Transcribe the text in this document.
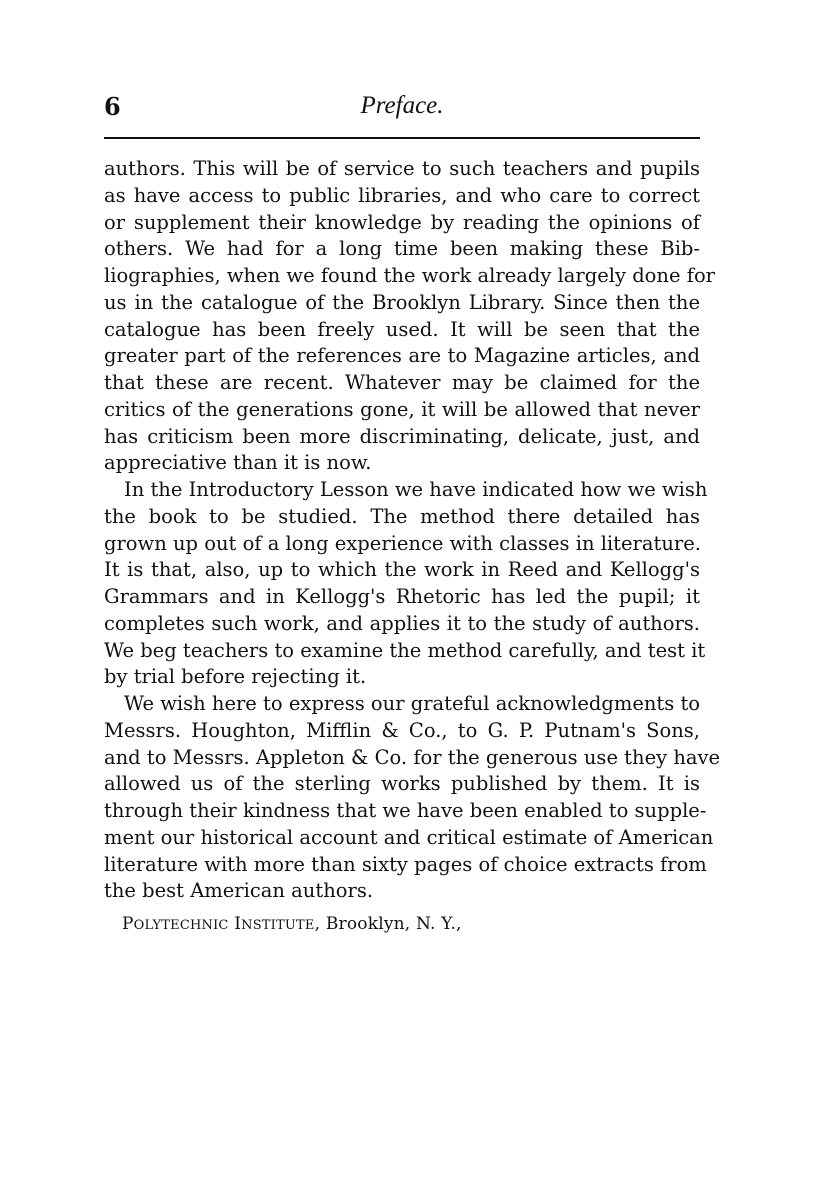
6	Preface.
authors. This will be of service to such teachers and pupils
as have access to public libraries, and who care to correct
or supplement their knowledge by reading the opinions of
others. We had for a long time been making these Bib-
liographies, when we found the work already largely done for
us in the catalogue of the Brooklyn Library. Since then the
catalogue has been freely used. It will be seen that the
greater part of the references are to Magazine articles, and
that these are recent. Whatever may be claimed for the
critics of the generations gone, it will be allowed that never
has criticism been more discriminating, delicate, just, and
appreciative than it is now.
In the Introductory Lesson we have indicated how we wish
the book to be studied. The method there detailed has
grown up out of a long experience with classes in literature.
It is that, also, up to which the work in Reed and Kellogg's
Grammars and in Kellogg's Rhetoric has led the pupil; it
completes such work, and applies it to the study of authors.
We beg teachers to examine the method carefully, and test it
by trial before rejecting it.
We wish here to express our grateful acknowledgments to
Messrs. Houghton, Mifflin & Co., to G. P. Putnam's Sons,
and to Messrs. Appleton & Co. for the generous use they have
allowed us of the sterling works published by them. It is
through their kindness that we have been enabled to supple-
ment our historical account and critical estimate of American
literature with more than sixty pages of choice extracts from
the best American authors.
POLYTECHNIC INSTITUTE, Brooklyn, N. Y.,
